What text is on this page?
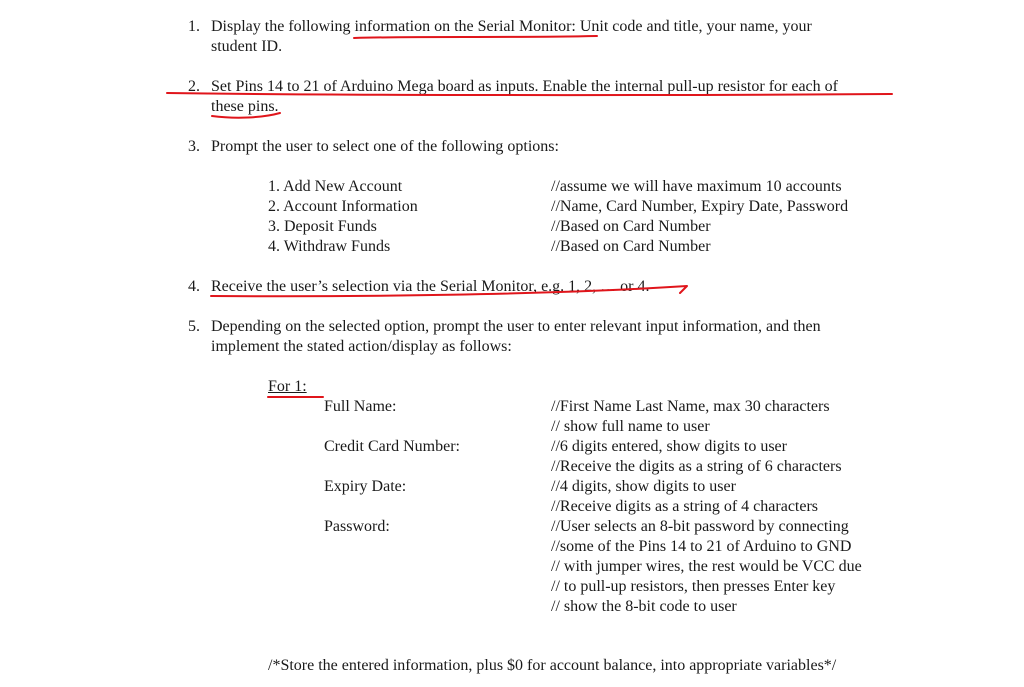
1. Display the following information on the Serial Monitor: Unit code and title, your name, your
student ID.
2. Set Pins 14 to 21 of Arduino Mega board as inputs. Enable the internal pull-up resistor for each of
these pins.
3. Prompt the user to select one of the following options:
1. Add New Account	//assume we will have maximum 10 accounts
2. Account Information	//Name, Card Number, Expiry Date, Password
3. Deposit Funds	//Based on Card Number
4. Withdraw Funds	//Based on Card Number
4. Receive the user’s selection via the Serial Monitor, e.g. 1, 2, … or 4.
5. Depending on the selected option, prompt the user to enter relevant input information, and then
implement the stated action/display as follows:
For 1:
Full Name:	//First Name Last Name, max 30 characters
// show full name to user
Credit Card Number:	//6 digits entered, show digits to user
//Receive the digits as a string of 6 characters
Expiry Date:	//4 digits, show digits to user
//Receive digits as a string of 4 characters
Password:	//User selects an 8-bit password by connecting
//some of the Pins 14 to 21 of Arduino to GND
// with jumper wires, the rest would be VCC due
// to pull-up resistors, then presses Enter key
// show the 8-bit code to user
/*Store the entered information, plus $0 for account balance, into appropriate variables*/
